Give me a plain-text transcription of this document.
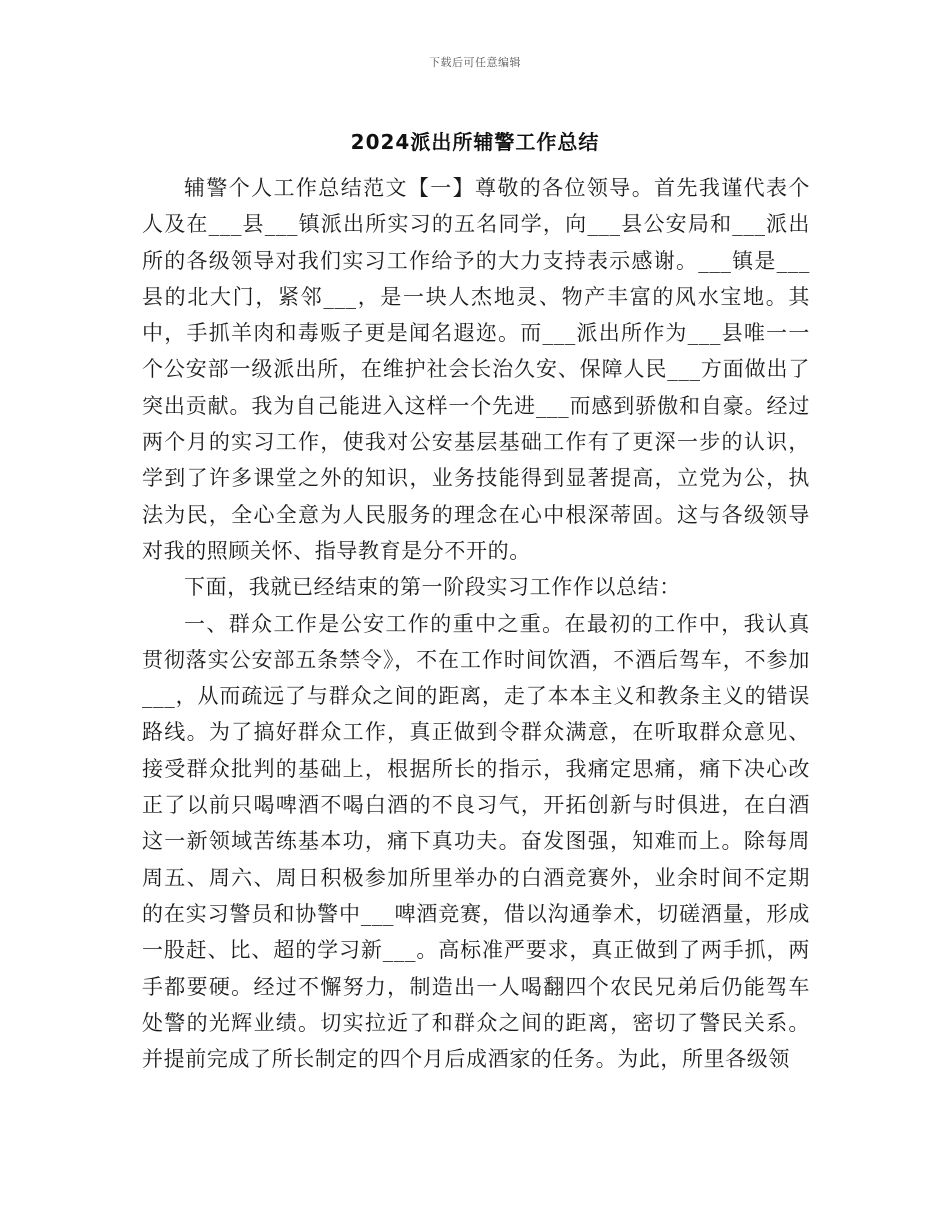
下载后可任意编辑
2024派出所辅警工作总结

辅警个人工作总结范文【一】尊敬的各位领导。首先我谨代表个人及在___县___镇派出所实习的五名同学，向___县公安局和___派出所的各级领导对我们实习工作给予的大力支持表示感谢。___镇是___县的北大门，紧邻___，是一块人杰地灵、物产丰富的风水宝地。其中，手抓羊肉和毒贩子更是闻名遐迩。而___派出所作为___县唯一一个公安部一级派出所，在维护社会长治久安、保障人民___方面做出了突出贡献。我为自己能进入这样一个先进___而感到骄傲和自豪。经过两个月的实习工作，使我对公安基层基础工作有了更深一步的认识，学到了许多课堂之外的知识，业务技能得到显著提高，立党为公，执法为民，全心全意为人民服务的理念在心中根深蒂固。这与各级领导对我的照顾关怀、指导教育是分不开的。

下面，我就已经结束的第一阶段实习工作作以总结：

一、群众工作是公安工作的重中之重。在最初的工作中，我认真贯彻落实公安部五条禁令》，不在工作时间饮酒，不酒后驾车，不参加___，从而疏远了与群众之间的距离，走了本本主义和教条主义的错误路线。为了搞好群众工作，真正做到令群众满意，在听取群众意见、接受群众批判的基础上，根据所长的指示，我痛定思痛，痛下决心改正了以前只喝啤酒不喝白酒的不良习气，开拓创新与时俱进，在白酒这一新领域苦练基本功，痛下真功夫。奋发图强，知难而上。除每周周五、周六、周日积极参加所里举办的白酒竞赛外，业余时间不定期的在实习警员和协警中___啤酒竞赛，借以沟通拳术，切磋酒量，形成一股赶、比、超的学习新___。高标准严要求，真正做到了两手抓，两手都要硬。经过不懈努力，制造出一人喝翻四个农民兄弟后仍能驾车处警的光辉业绩。切实拉近了和群众之间的距离，密切了警民关系。并提前完成了所长制定的四个月后成酒家的任务。为此，所里各级领
